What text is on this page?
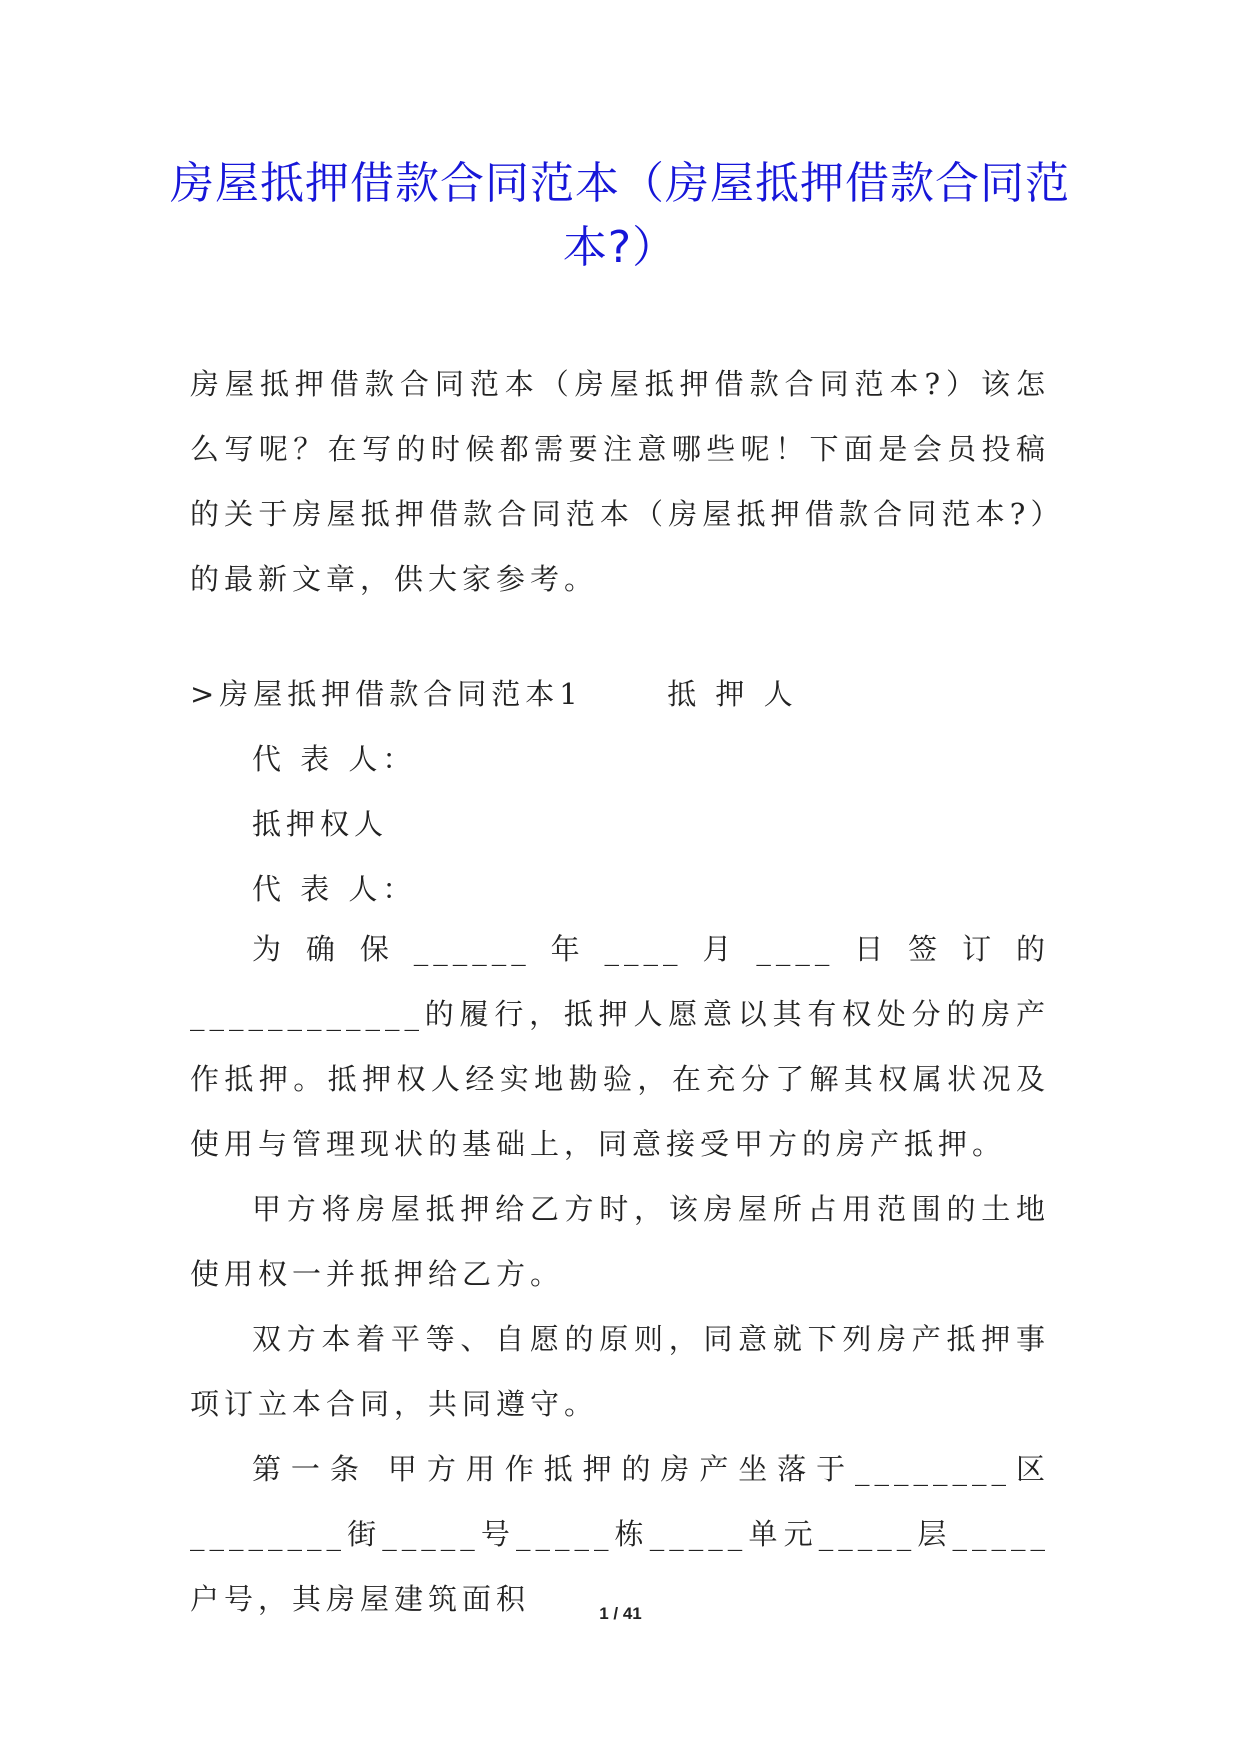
房屋抵押借款合同范本（房屋抵押借款合同范本?）

房屋抵押借款合同范本（房屋抵押借款合同范本?）该怎么写呢？在写的时候都需要注意哪些呢！下面是会员投稿的关于房屋抵押借款合同范本（房屋抵押借款合同范本?）的最新文章，供大家参考。

>房屋抵押借款合同范本1	抵 押 人
代 表 人：
抵押权人
代 表 人：

为确保______年____月____日签订的____________的履行，抵押人愿意以其有权处分的房产作抵押。抵押权人经实地勘验，在充分了解其权属状况及使用与管理现状的基础上，同意接受甲方的房产抵押。

甲方将房屋抵押给乙方时，该房屋所占用范围的土地使用权一并抵押给乙方。

双方本着平等、自愿的原则，同意就下列房产抵押事项订立本合同，共同遵守。

第一条 甲方用作抵押的房产坐落于________区________街_____号_____栋_____单元_____层_____户号，其房屋建筑面积	1 / 41
